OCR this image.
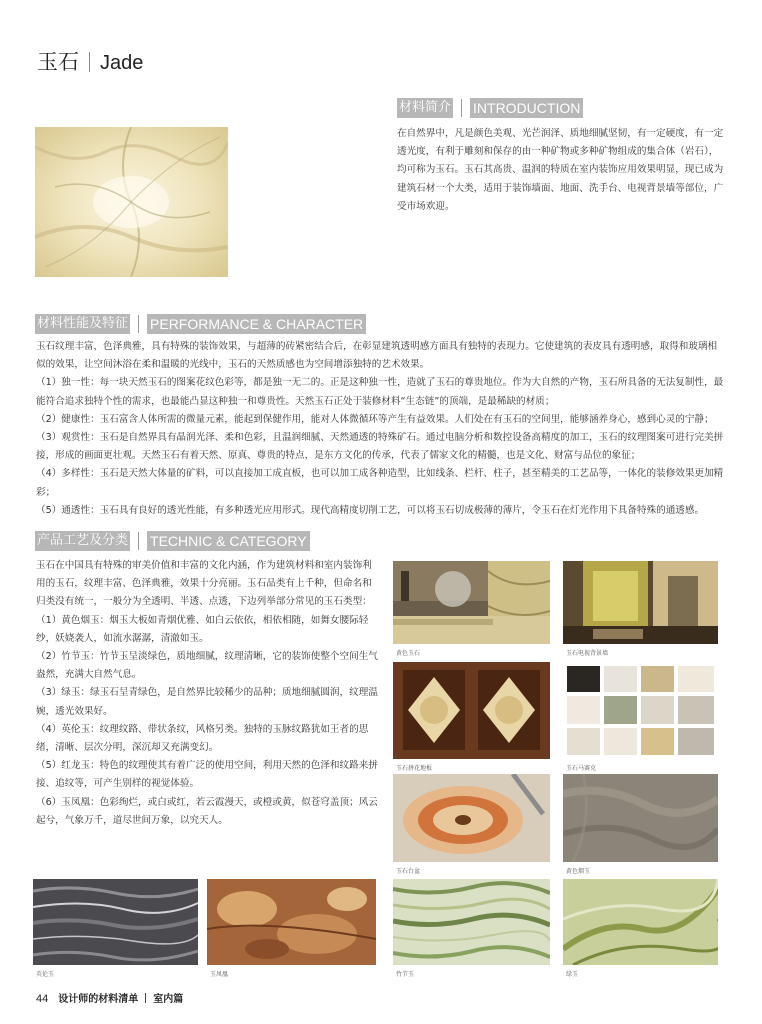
玉石 Jade
材料简介 INTRODUCTION

在自然界中，凡是颜色美观、光芒润泽、质地细腻坚韧，有一定硬度，有一定透光度，有利于雕刻和保存的由一种矿物或多种矿物组成的集合体（岩石），均可称为玉石。玉石其高贵、温润的特质在室内装饰应用效果明显，现已成为建筑石材一个大类，适用于装饰墙面、地面、洗手台、电视背景墙等部位，广受市场欢迎。

材料性能及特征 PERFORMANCE & CHARACTER

玉石纹理丰富，色泽典雅，具有特殊的装饰效果，与超薄的砖紧密结合后，在彰显建筑透明感方面具有独特的表现力。它使建筑的表皮具有透明感，取得和玻璃相似的效果，让空间沐浴在柔和温暖的光线中，玉石的天然质感也为空间增添独特的艺术效果。

（1）独一性：每一块天然玉石的图案花纹色彩等，都是独一无二的。正是这种独一性，造就了玉石的尊贵地位。作为大自然的产物，玉石所具备的无法复制性，最能符合追求独特个性的需求，也最能凸显这种独一和尊贵性。天然玉石正处于装修材料“生态链”的顶端，是最稀缺的材质；

（2）健康性：玉石富含人体所需的微量元素，能起到保健作用，能对人体微循环等产生有益效果。人们处在有玉石的空间里，能够涵养身心，感到心灵的宁静；

（3）观赏性：玉石是自然界具有晶润光泽、柔和色彩，且温润细腻、天然通透的特殊矿石。通过电脑分析和数控设备高精度的加工，玉石的纹理图案可进行完美拼接，形成的画面更壮观。天然玉石有着天然、原真、尊贵的特点，是东方文化的传承，代表了儒家文化的精髓，也是文化、财富与品位的象征；

（4）多样性：玉石是天然大体量的矿料，可以直接加工成直板，也可以加工成各种造型，比如线条、栏杆、柱子，甚至精美的工艺品等，一体化的装修效果更加精彩；

（5）通透性：玉石具有良好的透光性能，有多种透光应用形式。现代高精度切削工艺，可以将玉石切成极薄的薄片，令玉石在灯光作用下具备特殊的通透感。

产品工艺及分类 TECHNIC & CATEGORY

玉石在中国具有特殊的审美价值和丰富的文化内涵，作为建筑材料和室内装饰利用的玉石，纹理丰富、色泽典雅，效果十分亮丽。玉石品类有上千种，但命名和归类没有统一，一般分为全透明、半透、点透，下边列举部分常见的玉石类型：

（1）黄色烟玉：烟玉大板如青烟优雅、如白云依依，相依相随，如舞女腰际轻纱，妖娆袭人，如流水潺潺，清澈如玉。

（2）竹节玉：竹节玉呈淡绿色，质地细腻，纹理清晰，它的装饰使整个空间生气盎然，充满大自然气息。

（3）绿玉：绿玉石呈青绿色，是自然界比较稀少的品种；质地细腻圆润，纹理温婉，透光效果好。

（4）英伦玉：纹理纹路、带状条纹，风格另类。独特的玉脉纹路犹如王者的思绪，清晰、层次分明，深沉却又充满变幻。

（5）红龙玉：特色的纹理使其有着广泛的使用空间，利用天然的色泽和纹路来拼接、追纹等，可产生别样的视觉体验。

（6）玉凤凰：色彩绚烂，或白或红，若云霞漫天，或橙或黄，似苍穹盖顶；风云起兮，气象万千，道尽世间万象，以究天人。

黄色玉石	玉石电视背景墙
玉石拼花地板	玉石马赛克
玉石台盆	黄色烟玉
英伦玉	玉凤凰	竹节玉	绿玉
44 设计师的材料清单 室内篇
